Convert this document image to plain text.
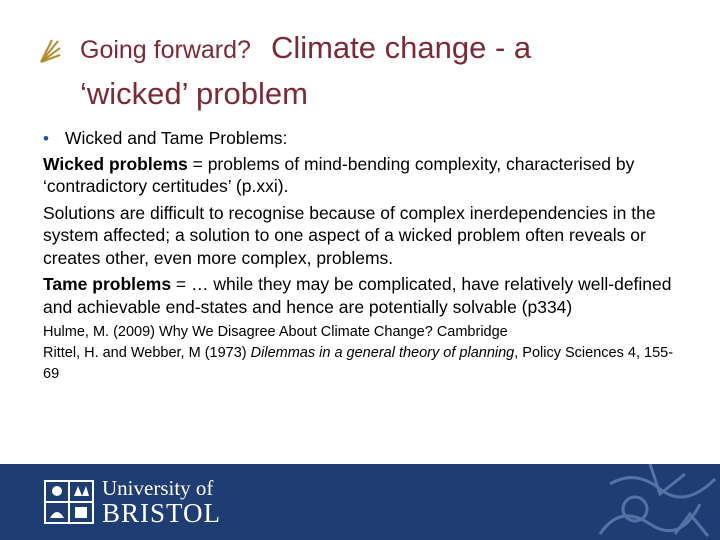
Going forward? Climate change - a
‘wicked’ problem
• Wicked and Tame Problems:

Wicked problems = problems of mind-bending complexity, characterised by ‘contradictory certitudes’ (p.xxi).

Solutions are difficult to recognise because of complex inerdependencies in the system affected; a solution to one aspect of a wicked problem often reveals or creates other, even more complex, problems.

Tame problems = … while they may be complicated, have relatively well-defined and achievable end-states and hence are potentially solvable (p334)

Hulme, M. (2009) Why We Disagree About Climate Change? Cambridge

Rittel, H. and Webber, M (1973) Dilemmas in a general theory of planning, Policy Sciences 4, 155-69

University of
BRISTOL
